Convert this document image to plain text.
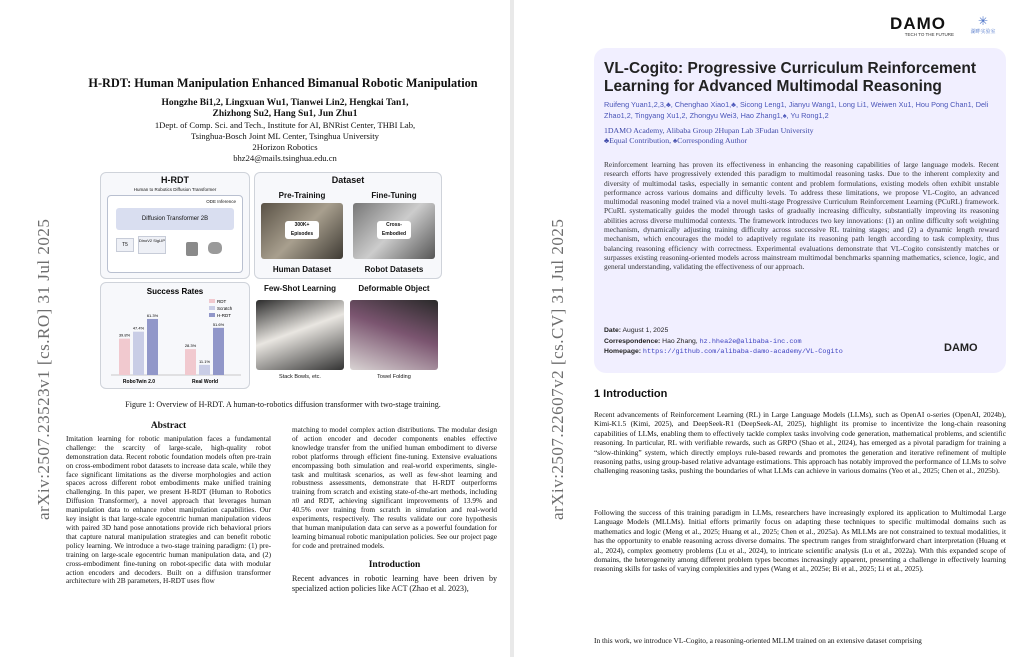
arXiv:2507.23523v1 [cs.RO] 31 Jul 2025
H-RDT: Human Manipulation Enhanced Bimanual Robotic Manipulation
Hongzhe Bi1,2, Lingxuan Wu1, Tianwei Lin2, Hengkai Tan1,
Zhizhong Su2, Hang Su1, Jun Zhu1
1Dept. of Comp. Sci. and Tech., Institute for AI, BNRist Center, THBI Lab,
Tsinghua-Bosch Joint ML Center, Tsinghua University
2Horizon Robotics
bhz24@mails.tsinghua.edu.cn
H-RDT
Human to Robotics Diffusion Transformer
ODE Inference
Diffusion Transformer 2B
T5
DinoV2 SigLIP
Dataset
Pre-Training	Fine-Tuning
300K+ Episodes
Cross-Embodied
Human Dataset	Robot Datasets
Success Rates
RDT
Scratch
H-RDT
39.8%
47.4%
61.3%
RoboTwin 2.0
28.3%
11.1%
51.6%
Real World
Few-Shot Learning	Deformable Object
Stack Bowls, etc.	Towel Folding
Figure 1: Overview of H-RDT. A human-to-robotics diffusion transformer with two-stage training.
Abstract
Imitation learning for robotic manipulation faces a fundamental challenge: the scarcity of large-scale, high-quality robot demonstration data. Recent robotic foundation models often pre-train on cross-embodiment robot datasets to increase data scale, while they face significant limitations as the diverse morphologies and action spaces across different robot embodiments make unified training challenging. In this paper, we present H-RDT (Human to Robotics Diffusion Transformer), a novel approach that leverages human manipulation data to enhance robot manipulation capabilities. Our key insight is that large-scale egocentric human manipulation videos with paired 3D hand pose annotations provide rich behavioral priors that capture natural manipulation strategies and can benefit robotic policy learning. We introduce a two-stage training paradigm: (1) pre-training on large-scale egocentric human manipulation data, and (2) cross-embodiment fine-tuning on robot-specific data with modular action encoders and decoders. Built on a diffusion transformer architecture with 2B parameters, H-RDT uses flow
matching to model complex action distributions. The modular design of action encoder and decoder components enables effective knowledge transfer from the unified human embodiment to diverse robot platforms through efficient fine-tuning. Extensive evaluations encompassing both simulation and real-world experiments, single-task and multitask scenarios, as well as few-shot learning and robustness assessments, demonstrate that H-RDT outperforms training from scratch and existing state-of-the-art methods, including π0 and RDT, achieving significant improvements of 13.9% and 40.5% over training from scratch in simulation and real-world experiments, respectively. The results validate our core hypothesis that human manipulation data can serve as a powerful foundation for learning bimanual robotic manipulation policies. See our project page for code and pretrained models.
Introduction
Recent advances in robotic learning have been driven by specialized action policies like ACT (Zhao et al. 2023),
arXiv:2507.22607v2 [cs.CV] 31 Jul 2025
DAMO
TECH TO THE FUTURE
✳
湖畔实验室
VL-Cogito: Progressive Curriculum Reinforcement Learning for Advanced Multimodal Reasoning
Ruifeng Yuan1,2,3,♣, Chenghao Xiao1,♣, Sicong Leng1, Jianyu Wang1, Long Li1, Weiwen Xu1, Hou Pong Chan1, Deli Zhao1,2, Tingyang Xu1,2, Zhongyu Wei3, Hao Zhang1,♠, Yu Rong1,2
1DAMO Academy, Alibaba Group 2Hupan Lab 3Fudan University
♣Equal Contribution, ♠Corresponding Author
Reinforcement learning has proven its effectiveness in enhancing the reasoning capabilities of large language models. Recent research efforts have progressively extended this paradigm to multimodal reasoning tasks. Due to the inherent complexity and diversity of multimodal tasks, especially in semantic content and problem formulations, existing models often exhibit unstable performance across various domains and difficulty levels. To address these limitations, we propose VL-Cogito, an advanced multimodal reasoning model trained via a novel multi-stage Progressive Curriculum Reinforcement Learning (PCuRL) framework. PCuRL systematically guides the model through tasks of gradually increasing difficulty, substantially improving its reasoning abilities across diverse multimodal contexts. The framework introduces two key innovations: (1) an online difficulty soft weighting mechanism, dynamically adjusting training difficulty across successive RL training stages; and (2) a dynamic length reward mechanism, which encourages the model to adaptively regulate its reasoning path length according to task complexity, thus balancing reasoning efficiency with correctness. Experimental evaluations demonstrate that VL-Cogito consistently matches or surpasses existing reasoning-oriented models across mainstream multimodal benchmarks spanning mathematics, science, logic, and general understanding, validating the effectiveness of our approach.
Date: August 1, 2025
Correspondence: Hao Zhang, hz.hhea2e@alibaba-inc.com
Homepage: https://github.com/alibaba-damo-academy/VL-Cogito	DAMO
1 Introduction
Recent advancements of Reinforcement Learning (RL) in Large Language Models (LLMs), such as OpenAI o-series (OpenAI, 2024b), Kimi-K1.5 (Kimi, 2025), and DeepSeek-R1 (DeepSeek-AI, 2025), highlight its promise to incentivize the long-chain reasoning capabilities of LLMs, enabling them to effectively tackle complex tasks involving code generation, mathematical problems, and scientific reasoning. In particular, RL with verifiable rewards, such as GRPO (Shao et al., 2024), has emerged as a pivotal paradigm for training a “slow-thinking” system, which directly employs rule-based rewards and promotes the generation and iterative refinement of multiple reasoning paths, using group-based relative advantage estimations. This approach has notably improved the performance of LLMs to solve challenging reasoning tasks, pushing the boundaries of what LLMs can achieve in various domains (Yeo et al., 2025; Chen et al., 2025b).
Following the success of this training paradigm in LLMs, researchers have increasingly explored its application to Multimodal Large Language Models (MLLMs). Initial efforts primarily focus on adapting these techniques to specific multimodal domains such as mathematics and logic (Meng et al., 2025; Huang et al., 2025; Chen et al., 2025a). As MLLMs are not constrained to textual modalities, it has the opportunity to enable reasoning across diverse domains. The spectrum ranges from straightforward chart interpretation (Huang et al., 2024), complex geometry problems (Lu et al., 2024), to intricate scientific analysis (Lu et al., 2022a). With this expanded scope of domains, the heterogeneity among different problem types becomes increasingly apparent, presenting a challenge in effectively learning reasoning skills for tasks of varying complexities and types (Wang et al., 2025e; Bi et al., 2025; Li et al., 2025).
In this work, we introduce VL-Cogito, a reasoning-oriented MLLM trained on an extensive dataset comprising
